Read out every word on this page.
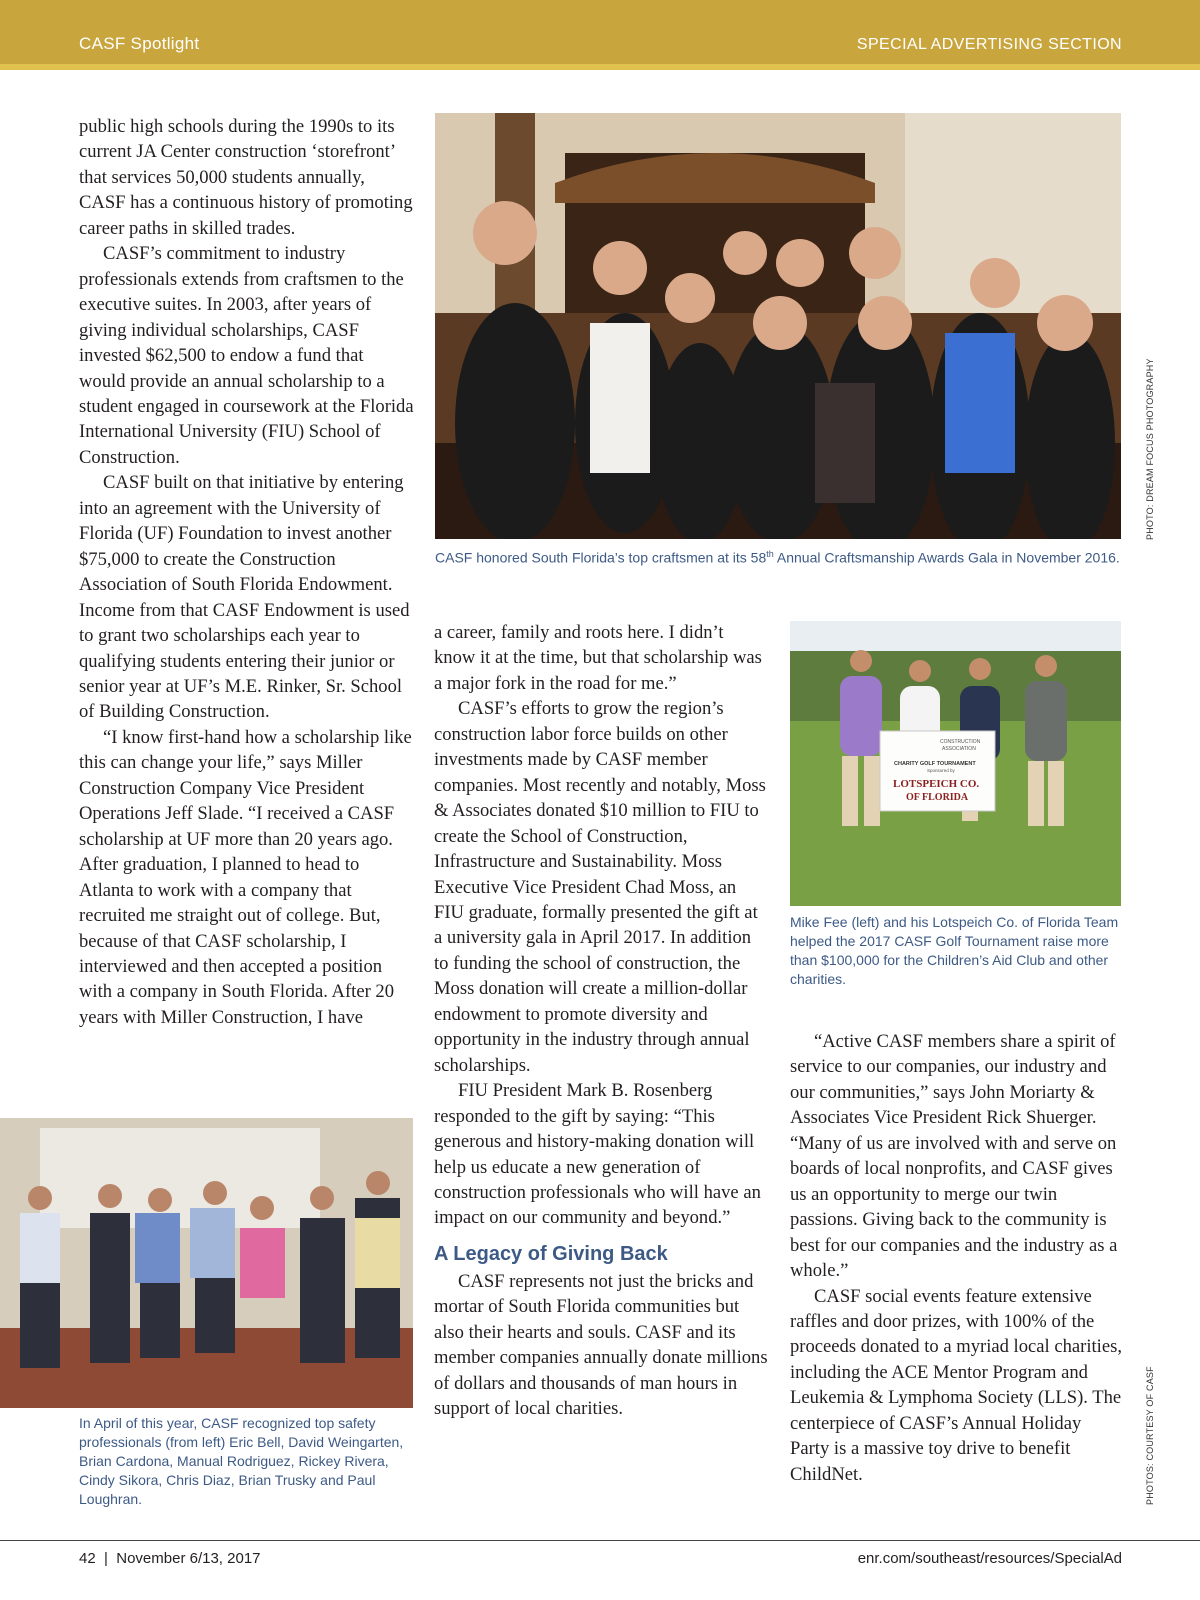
CASF Spotlight	SPECIAL ADVERTISING SECTION

public high schools during the 1990s to its current JA Center construction ‘storefront’ that services 50,000 students annually, CASF has a continuous history of promoting career paths in skilled trades.

CASF’s commitment to industry professionals extends from craftsmen to the executive suites. In 2003, after years of giving individual scholarships, CASF invested $62,500 to endow a fund that would provide an annual scholarship to a student engaged in coursework at the Florida International University (FIU) School of Construction.

CASF built on that initiative by entering into an agreement with the University of Florida (UF) Foundation to invest another $75,000 to create the Construction Association of South Florida Endowment. Income from that CASF Endowment is used to grant two scholarships each year to qualifying students entering their junior or senior year at UF’s M.E. Rinker, Sr. School of Building Construction.

“I know first-hand how a scholarship like this can change your life,” says Miller Construction Company Vice President Operations Jeff Slade. “I received a CASF scholarship at UF more than 20 years ago. After graduation, I planned to head to Atlanta to work with a company that recruited me straight out of college. But, because of that CASF scholarship, I interviewed and then accepted a position with a company in South Florida. After 20 years with Miller Construction, I have

CASF honored South Florida’s top craftsmen at its 58th Annual Craftsmanship Awards Gala in November 2016.
PHOTO: DREAM FOCUS PHOTOGRAPHY

a career, family and roots here. I didn’t know it at the time, but that scholarship was a major fork in the road for me.”

CASF’s efforts to grow the region’s construction labor force builds on other investments made by CASF member companies. Most recently and notably, Moss & Associates donated $10 million to FIU to create the School of Construction, Infrastructure and Sustainability. Moss Executive Vice President Chad Moss, an FIU graduate, formally presented the gift at a university gala in April 2017. In addition to funding the school of construction, the Moss donation will create a million-dollar endowment to promote diversity and opportunity in the industry through annual scholarships.

FIU President Mark B. Rosenberg responded to the gift by saying: “This generous and history-making donation will help us educate a new generation of construction professionals who will have an impact on our community and beyond.”

A Legacy of Giving Back

CASF represents not just the bricks and mortar of South Florida communities but also their hearts and souls. CASF and its member companies annually donate millions of dollars and thousands of man hours in support of local charities.

CONSTRUCTION
ASSOCIATION
CHARITY GOLF TOURNAMENT
Sponsored by
LOTSPEICH CO.
OF FLORIDA
Mike Fee (left) and his Lotspeich Co. of Florida Team helped the 2017 CASF Golf Tournament raise more than $100,000 for the Children’s Aid Club and other charities.

“Active CASF members share a spirit of service to our companies, our industry and our communities,” says John Moriarty & Associates Vice President Rick Shuerger. “Many of us are involved with and serve on boards of local nonprofits, and CASF gives us an opportunity to merge our twin passions. Giving back to the community is best for our companies and the industry as a whole.”

CASF social events feature extensive raffles and door prizes, with 100% of the proceeds donated to a myriad local charities, including the ACE Mentor Program and Leukemia & Lymphoma Society (LLS). The centerpiece of CASF’s Annual Holiday Party is a massive toy drive to benefit ChildNet.

In April of this year, CASF recognized top safety professionals (from left) Eric Bell, David Weingarten, Brian Cardona, Manual Rodriguez, Rickey Rivera, Cindy Sikora, Chris Diaz, Brian Trusky and Paul Loughran.	PHOTOS: COURTESY OF CASF
42  |  November 6/13, 2017	enr.com/southeast/resources/SpecialAd
